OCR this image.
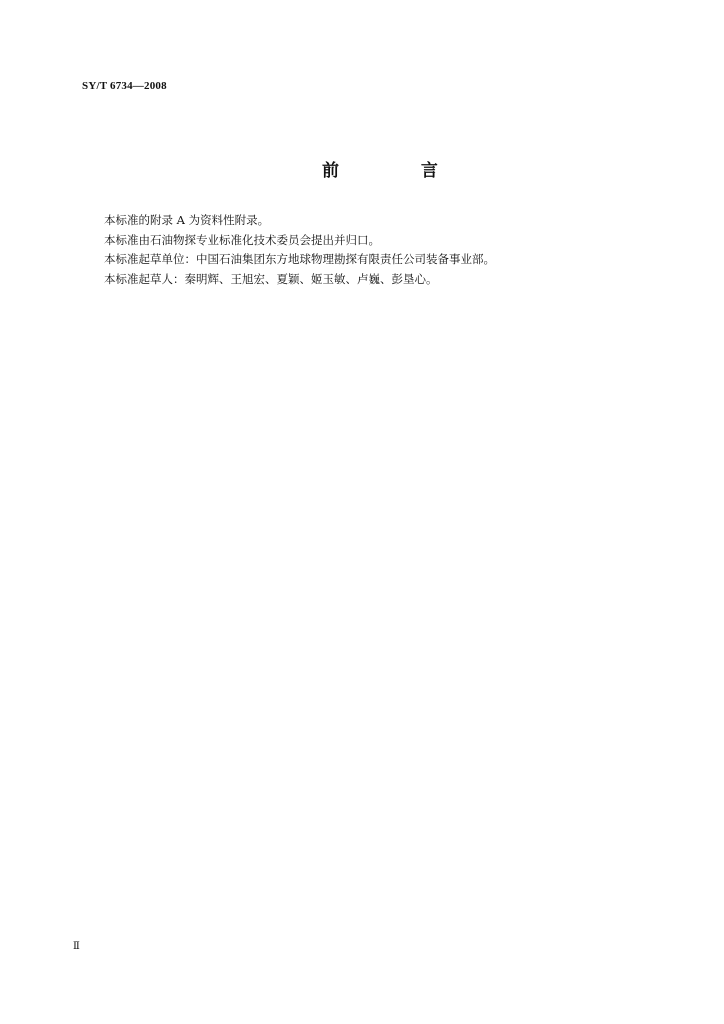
SY/T 6734—2008
前 言
本标准的附录 A 为资料性附录。
本标准由石油物探专业标准化技术委员会提出并归口。
本标准起草单位：中国石油集团东方地球物理勘探有限责任公司装备事业部。
本标准起草人：秦明辉、王旭宏、夏颖、姬玉敏、卢巍、彭垦心。
Ⅱ
